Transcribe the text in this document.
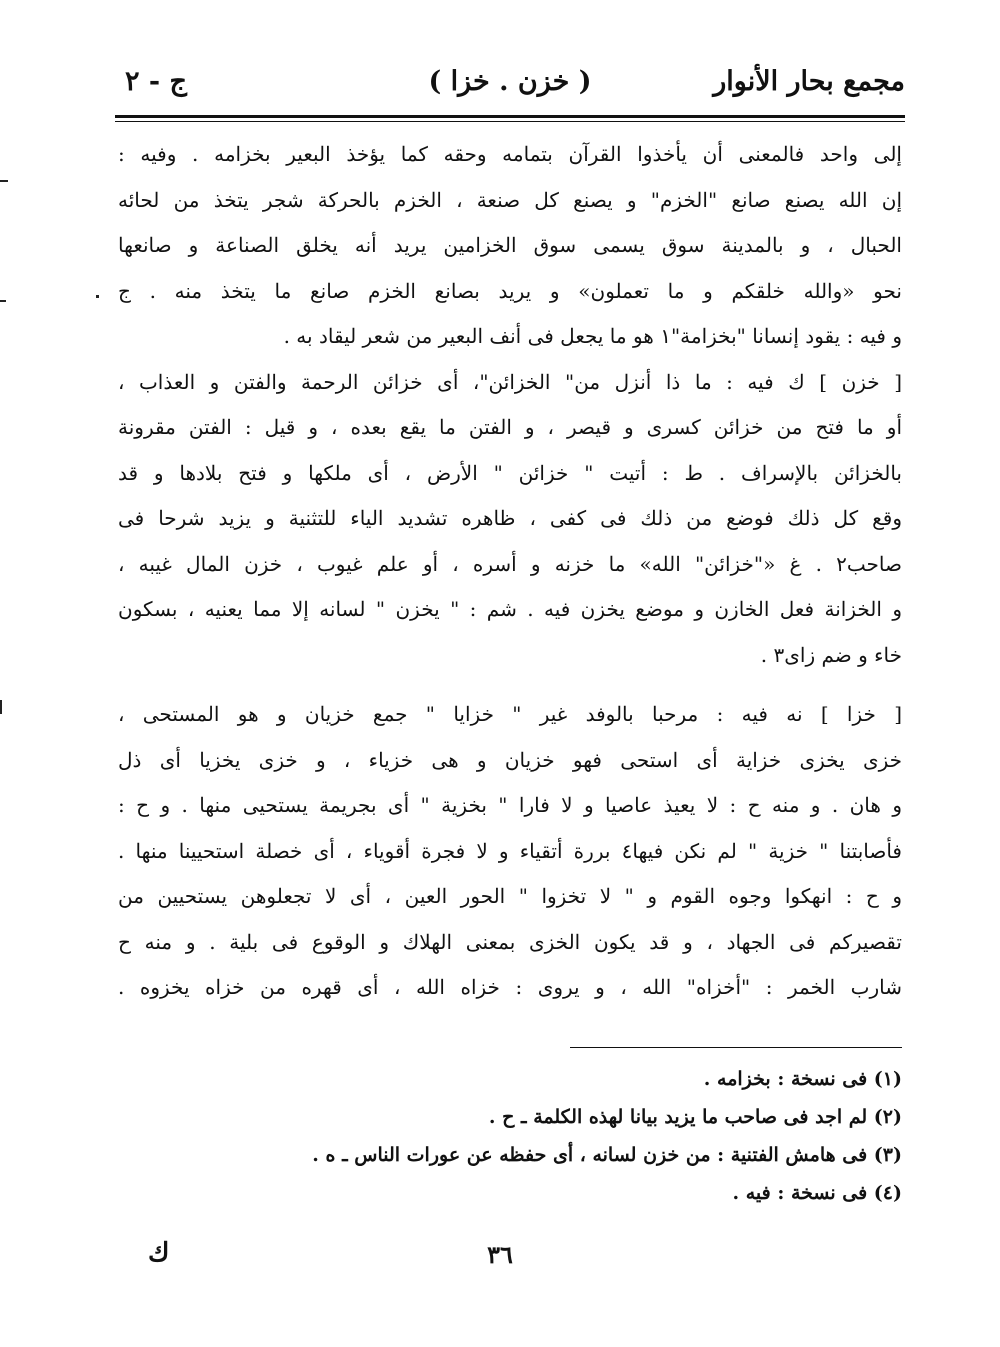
مجمع بحار الأنوار
( خزن . خزا )
ج - ٢
إلى واحد فالمعنى أن يأخذوا القرآن بتمامه وحقه كما يؤخذ البعير بخزامه . وفيه :
إن الله يصنع صانع "الخزم" و يصنع كل صنعة ، الخزم بالحركة شجر يتخذ من لحائه
الحبال ، و بالمدينة سوق يسمى سوق الخزامين يريد أنه يخلق الصناعة و صانعها
نحو «والله خلقكم و ما تعملون» و يريد بصانع الخزم صانع ما يتخذ منه . ج
و فيه : يقود إنسانا "بخزامة"١ هو ما يجعل فى أنف البعير من شعر ليقاد به .
[ خزن ] ك فيه : ما ذا أنزل من" الخزائن"، أى خزائن الرحمة والفتن و العذاب ،
أو ما فتح من خزائن كسرى و قيصر ، و الفتن ما يقع بعده ، و قيل : الفتن مقرونة
بالخزائن بالإسراف . ط : أتيت " خزائن " الأرض ، أى ملكها و فتح بلادها و قد
وقع كل ذلك فوضع من ذلك فى كفى ، ظاهره تشديد الياء للتثنية و يزيد شرحا فى
صاحب٢ . غ «"خزائن" الله» ما خزنه و أسره ، أو علم غيوب ، خزن المال غيبه ،
و الخزانة فعل الخازن و موضع يخزن فيه . شم : " يخزن " لسانه إلا مما يعنيه ، بسكون
خاء و ضم زاى٣ .
[ خزا ] نه فيه : مرحبا بالوفد غير " خزايا " جمع خزيان و هو المستحى ،
خزى يخزى خزاية أى استحى فهو خزيان و هى خزياء ، و خزى يخزيا أى ذل
و هان . و منه ح : لا يعيذ عاصيا و لا فارا " بخزية " أى بجريمة يستحيى منها . و ح :
فأصابتنا " خزية " لم نكن فيها٤ بررة أتقياء و لا فجرة أقوياء ، أى خصلة استحيينا منها .
و ح : انهكوا وجوه القوم و " لا تخزوا " الحور العين ، أى لا تجعلوهن يستحيين من
تقصيركم فى الجهاد ، و قد يكون الخزى بمعنى الهلاك و الوقوع فى بلية . و منه ح
شارب الخمر : "أخزاه" الله ، و يروى : خزاه الله ، أى قهره من خزاه يخزوه .
(١) فى نسخة : بخزامه .
(٢) لم اجد فى صاحب ما يزيد بيانا لهذه الكلمة ـ ح .
(٣) فى هامش الفتنية : من خزن لسانه ، أى حفظه عن عورات الناس ـ ه .
(٤) فى نسخة : فيه .
ك	٣٦
